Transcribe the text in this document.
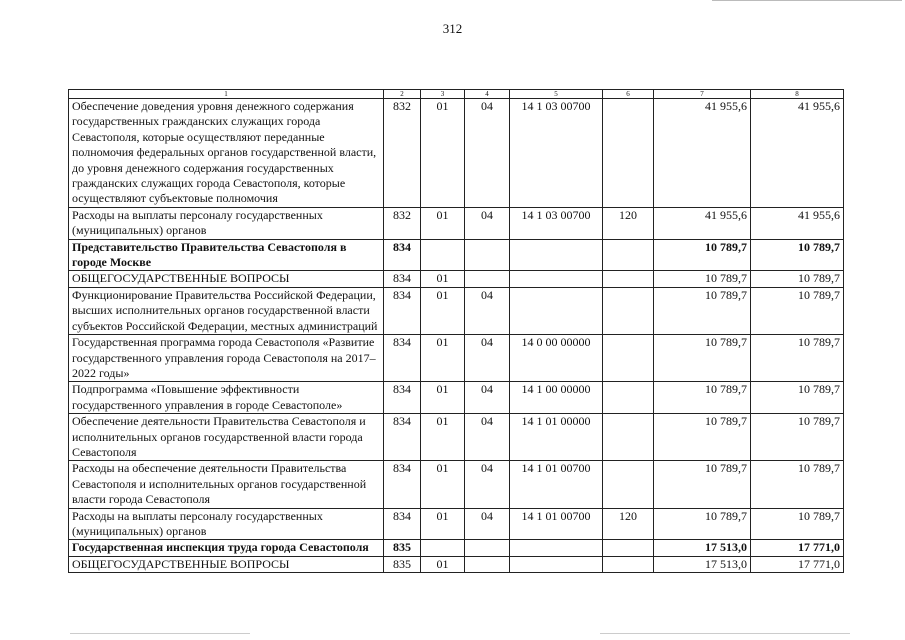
312
1	2	3	4	5	6	7	8
Обеспечение доведения уровня денежного содержания государственных гражданских служащих города Севастополя, которые осуществляют переданные полномочия федеральных органов государственной власти, до уровня денежного содержания государственных гражданских служащих города Севастополя, которые осуществляют субъектовые полномочия	832	01	04	14 1 03 00700		41 955,6	41 955,6
Расходы на выплаты персоналу государственных (муниципальных) органов	832	01	04	14 1 03 00700	120	41 955,6	41 955,6
Представительство Правительства Севастополя в городе Москве	834					10 789,7	10 789,7
ОБЩЕГОСУДАРСТВЕННЫЕ ВОПРОСЫ	834	01				10 789,7	10 789,7
Функционирование Правительства Российской Федерации, высших исполнительных органов государственной власти субъектов Российской Федерации, местных администраций	834	01	04			10 789,7	10 789,7
Государственная программа города Севастополя «Развитие государственного управления города Севастополя на 2017–2022 годы»	834	01	04	14 0 00 00000		10 789,7	10 789,7
Подпрограмма «Повышение эффективности государственного управления в городе Севастополе»	834	01	04	14 1 00 00000		10 789,7	10 789,7
Обеспечение деятельности Правительства Севастополя и исполнительных органов государственной власти города Севастополя	834	01	04	14 1 01 00000		10 789,7	10 789,7
Расходы на обеспечение деятельности Правительства Севастополя и исполнительных органов государственной власти города Севастополя	834	01	04	14 1 01 00700		10 789,7	10 789,7
Расходы на выплаты персоналу государственных (муниципальных) органов	834	01	04	14 1 01 00700	120	10 789,7	10 789,7
Государственная инспекция труда города Севастополя	835					17 513,0	17 771,0
ОБЩЕГОСУДАРСТВЕННЫЕ ВОПРОСЫ	835	01				17 513,0	17 771,0
